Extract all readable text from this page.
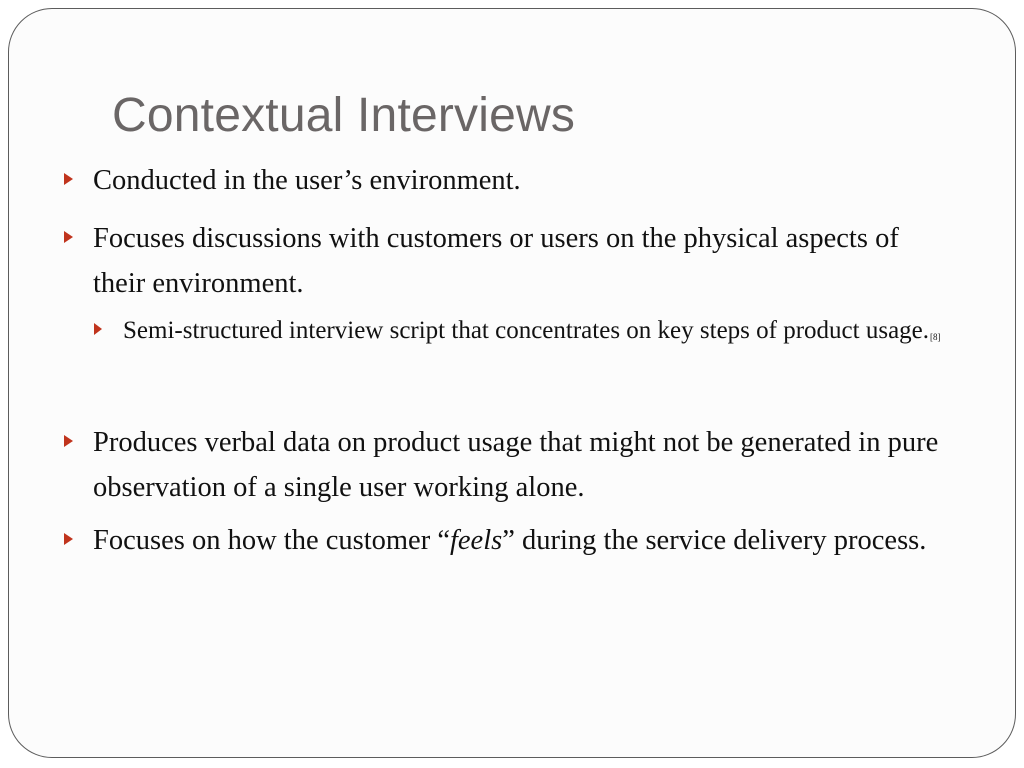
Contextual Interviews
Conducted in the user’s environment.
Focuses discussions with customers or users on the physical aspects of their environment.
Semi-structured interview script that concentrates on key steps of product usage.[8]
Produces verbal data on product usage that might not be generated in pure observation of a single user working alone.
Focuses on how the customer “feels” during the service delivery process.
